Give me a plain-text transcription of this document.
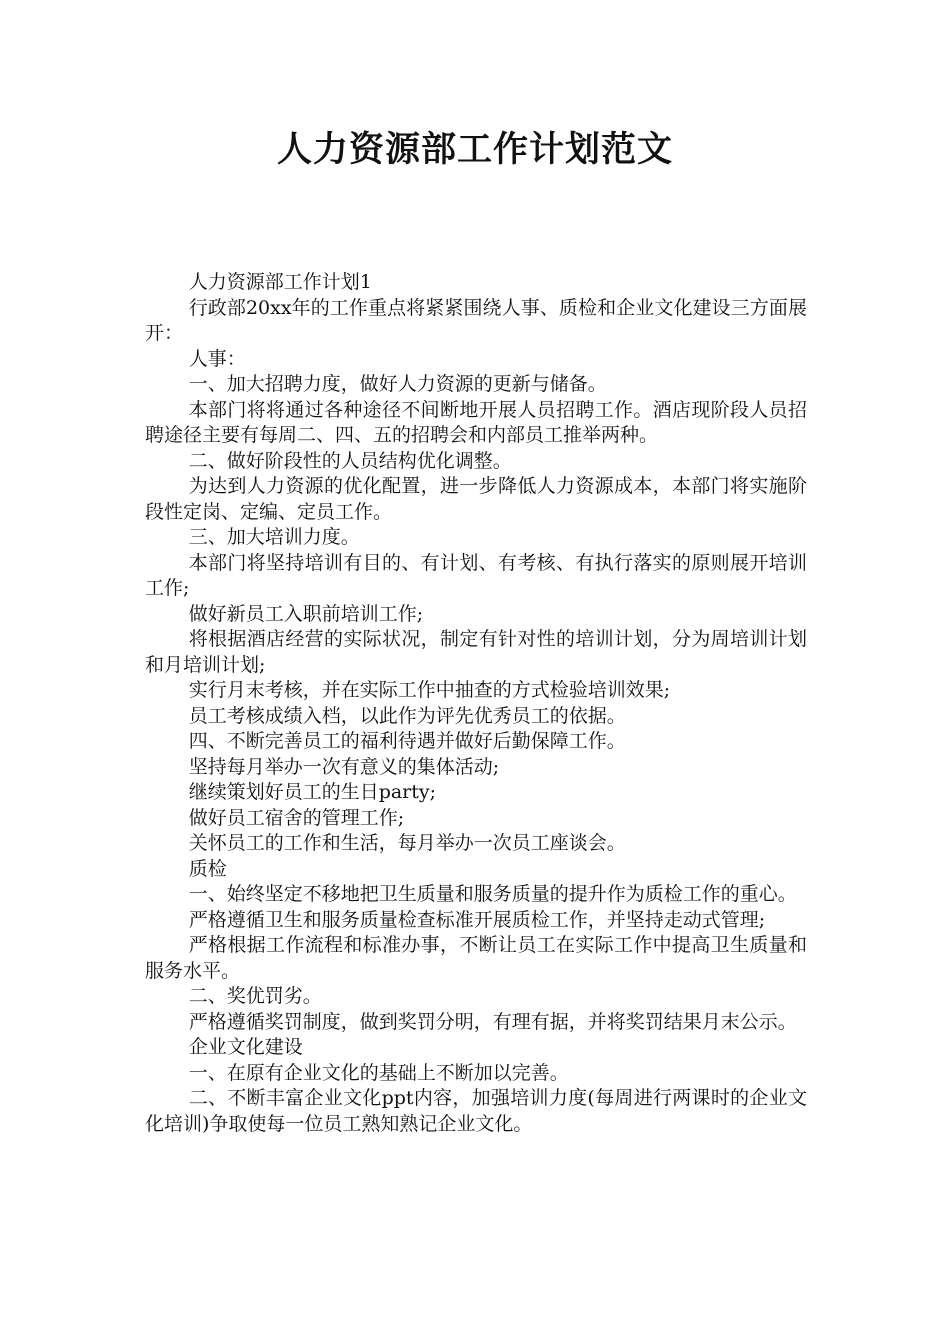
人力资源部工作计划范文

人力资源部工作计划1

行政部20xx年的工作重点将紧紧围绕人事、质检和企业文化建设三方面展开：

人事：

一、加大招聘力度，做好人力资源的更新与储备。

本部门将将通过各种途径不间断地开展人员招聘工作。酒店现阶段人员招聘途径主要有每周二、四、五的招聘会和内部员工推举两种。

二、做好阶段性的人员结构优化调整。

为达到人力资源的优化配置，进一步降低人力资源成本，本部门将实施阶段性定岗、定编、定员工作。

三、加大培训力度。

本部门将坚持培训有目的、有计划、有考核、有执行落实的原则展开培训工作;

做好新员工入职前培训工作;

将根据酒店经营的实际状况，制定有针对性的培训计划，分为周培训计划和月培训计划;

实行月末考核，并在实际工作中抽查的方式检验培训效果;

员工考核成绩入档，以此作为评先优秀员工的依据。

四、不断完善员工的福利待遇并做好后勤保障工作。

坚持每月举办一次有意义的集体活动;

继续策划好员工的生日party;

做好员工宿舍的管理工作;

关怀员工的工作和生活，每月举办一次员工座谈会。

质检

一、始终坚定不移地把卫生质量和服务质量的提升作为质检工作的重心。

严格遵循卫生和服务质量检查标准开展质检工作，并坚持走动式管理;

严格根据工作流程和标准办事，不断让员工在实际工作中提高卫生质量和服务水平。

二、奖优罚劣。

严格遵循奖罚制度，做到奖罚分明，有理有据，并将奖罚结果月末公示。

企业文化建设

一、在原有企业文化的基础上不断加以完善。

二、不断丰富企业文化ppt内容，加强培训力度(每周进行两课时的企业文化培训)争取使每一位员工熟知熟记企业文化。
